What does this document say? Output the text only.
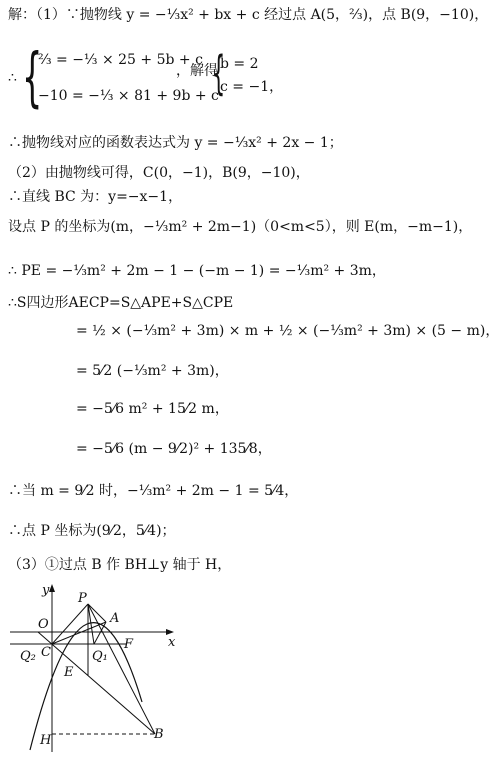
解：（1）∵抛物线 y = −⅓x² + bx + c 经过点 A(5，⅔)，点 B(9，−10)，
∴ {
⅔ = −⅓ × 25 + 5b + c
−10 = −⅓ × 81 + 9b + c
，解得
{
b = 2
c = −1，
∴抛物线对应的函数表达式为 y = −⅓x² + 2x − 1；
（2）由抛物线可得，C(0，−1)，B(9，−10)，
∴直线 BC 为：y=−x−1，
设点 P 的坐标为(m，−⅓m² + 2m−1)（0<m<5），则 E(m，−m−1)，
∴ PE = −⅓m² + 2m − 1 − (−m − 1) = −⅓m² + 3m，
∴S四边形AECP=S△APE+S△CPE
= ½ × (−⅓m² + 3m) × m + ½ × (−⅓m² + 3m) × (5 − m)，
= 5⁄2 (−⅓m² + 3m)，
= −5⁄6 m² + 15⁄2 m，
= −5⁄6 (m − 9⁄2)² + 135⁄8，
∴当 m = 9⁄2 时，−⅓m² + 2m − 1 = 5⁄4，
∴点 P 坐标为(9⁄2，5⁄4)；
（3）①过点 B 作 BH⊥y 轴于 H，
y
x
P
O	A
Q₂ C	Q₁
F
E
H	B
